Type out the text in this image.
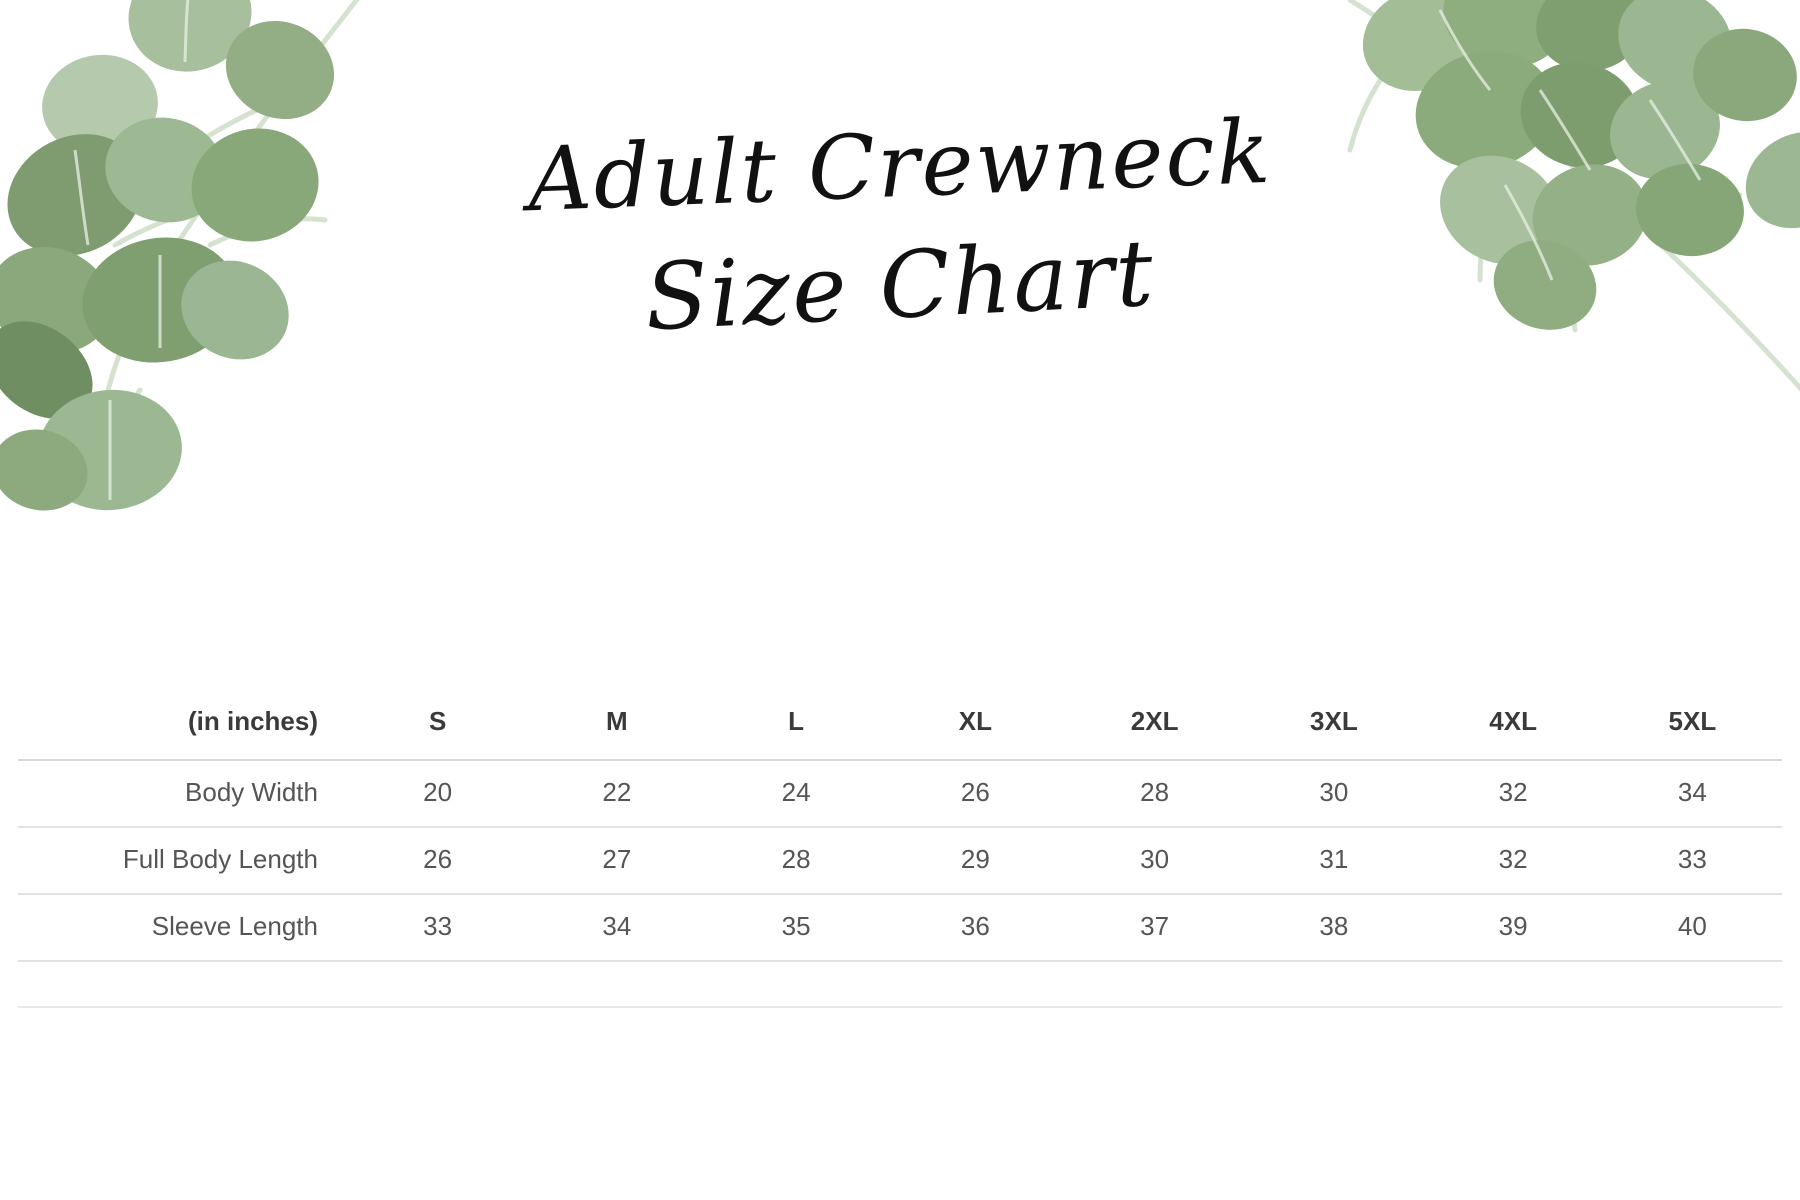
Adult Crewneck
Size Chart
(in inches)	S	M	L	XL	2XL	3XL	4XL	5XL
Body Width	20	22	24	26	28	30	32	34
Full Body Length	26	27	28	29	30	31	32	33
Sleeve Length	33	34	35	36	37	38	39	40
